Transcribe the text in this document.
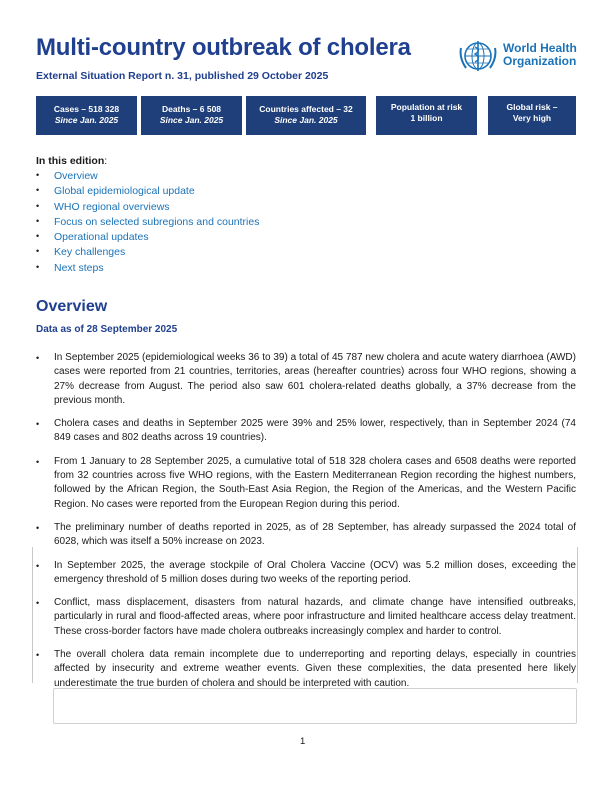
Multi-country outbreak of cholera
External Situation Report n. 31, published 29 October 2025
World Health
Organization
Cases – 518 328
Since Jan. 2025
Deaths – 6 508
Since Jan. 2025
Countries affected – 32
Since Jan. 2025
Population at risk
1 billion
Global risk –
Very high
In this edition:
• Overview
• Global epidemiological update
• WHO regional overviews
• Focus on selected subregions and countries
• Operational updates
• Key challenges
• Next steps
Overview
Data as of 28 September 2025
• In September 2025 (epidemiological weeks 36 to 39) a total of 45 787 new cholera and acute watery diarrhoea (AWD) cases were reported from 21 countries, territories, areas (hereafter countries) across four WHO regions, showing a 27% decrease from August. The period also saw 601 cholera-related deaths globally, a 37% decrease from the previous month.
• Cholera cases and deaths in September 2025 were 39% and 25% lower, respectively, than in September 2024 (74 849 cases and 802 deaths across 19 countries).
• From 1 January to 28 September 2025, a cumulative total of 518 328 cholera cases and 6508 deaths were reported from 32 countries across five WHO regions, with the Eastern Mediterranean Region recording the highest numbers, followed by the African Region, the South-East Asia Region, the Region of the Americas, and the Western Pacific Region. No cases were reported from the European Region during this period.
• The preliminary number of deaths reported in 2025, as of 28 September, has already surpassed the 2024 total of 6028, which was itself a 50% increase on 2023.
• In September 2025, the average stockpile of Oral Cholera Vaccine (OCV) was 5.2 million doses, exceeding the emergency threshold of 5 million doses during two weeks of the reporting period.
• Conflict, mass displacement, disasters from natural hazards, and climate change have intensified outbreaks, particularly in rural and flood-affected areas, where poor infrastructure and limited healthcare access delay treatment. These cross-border factors have made cholera outbreaks increasingly complex and harder to control.
• The overall cholera data remain incomplete due to underreporting and reporting delays, especially in countries affected by insecurity and extreme weather events. Given these complexities, the data presented here likely underestimate the true burden of cholera and should be interpreted with caution.
1
